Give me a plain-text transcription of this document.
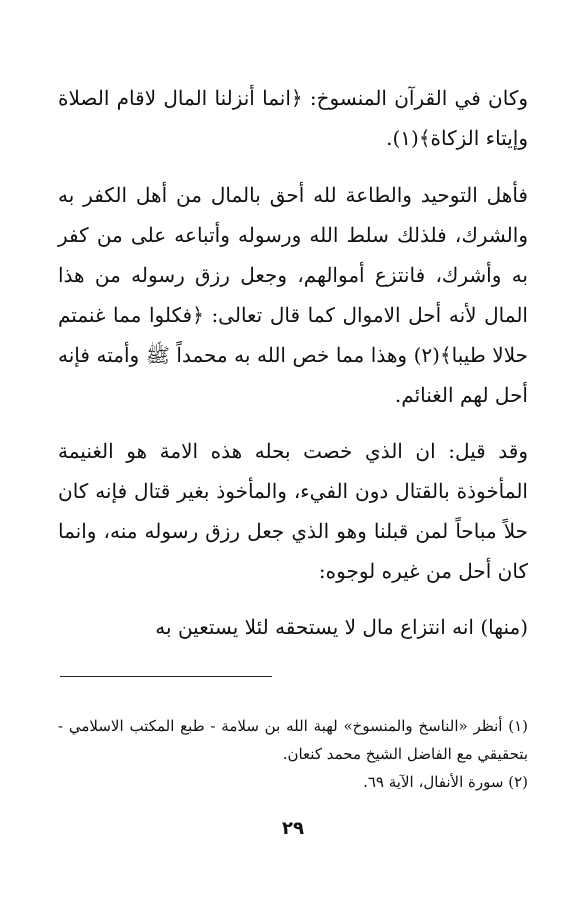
وكان في القرآن المنسوخ: ﴿انما أنزلنا المال لاقام الصلاة وإيتاء الزكاة﴾(١).

فأهل التوحيد والطاعة لله أحق بالمال من أهل الكفر به والشرك، فلذلك سلط الله ورسوله وأتباعه على من كفر به وأشرك، فانتزع أموالهم، وجعل رزق رسوله من هذا المال لأنه أحل الاموال كما قال تعالى: ﴿فكلوا مما غنمتم حلالا طيبا﴾(٢) وهذا مما خص الله به محمداً ﷺ وأمته فإنه أحل لهم الغنائم.

وقد قيل: ان الذي خصت بحله هذه الامة هو الغنيمة المأخوذة بالقتال دون الفيء، والمأخوذ بغير قتال فإنه كان حلاً مباحاً لمن قبلنا وهو الذي جعل رزق رسوله منه، وانما كان أحل من غيره لوجوه:

(منها) انه انتزاع مال لا يستحقه لئلا يستعين به

(١) أنظر «الناسخ والمنسوخ» لهبة الله بن سلامة - طبع المكتب الاسلامي - بتحقيقي مع الفاضل الشيخ محمد كنعان.

(٢) سورة الأنفال، الآية ٦٩.

٢٩
